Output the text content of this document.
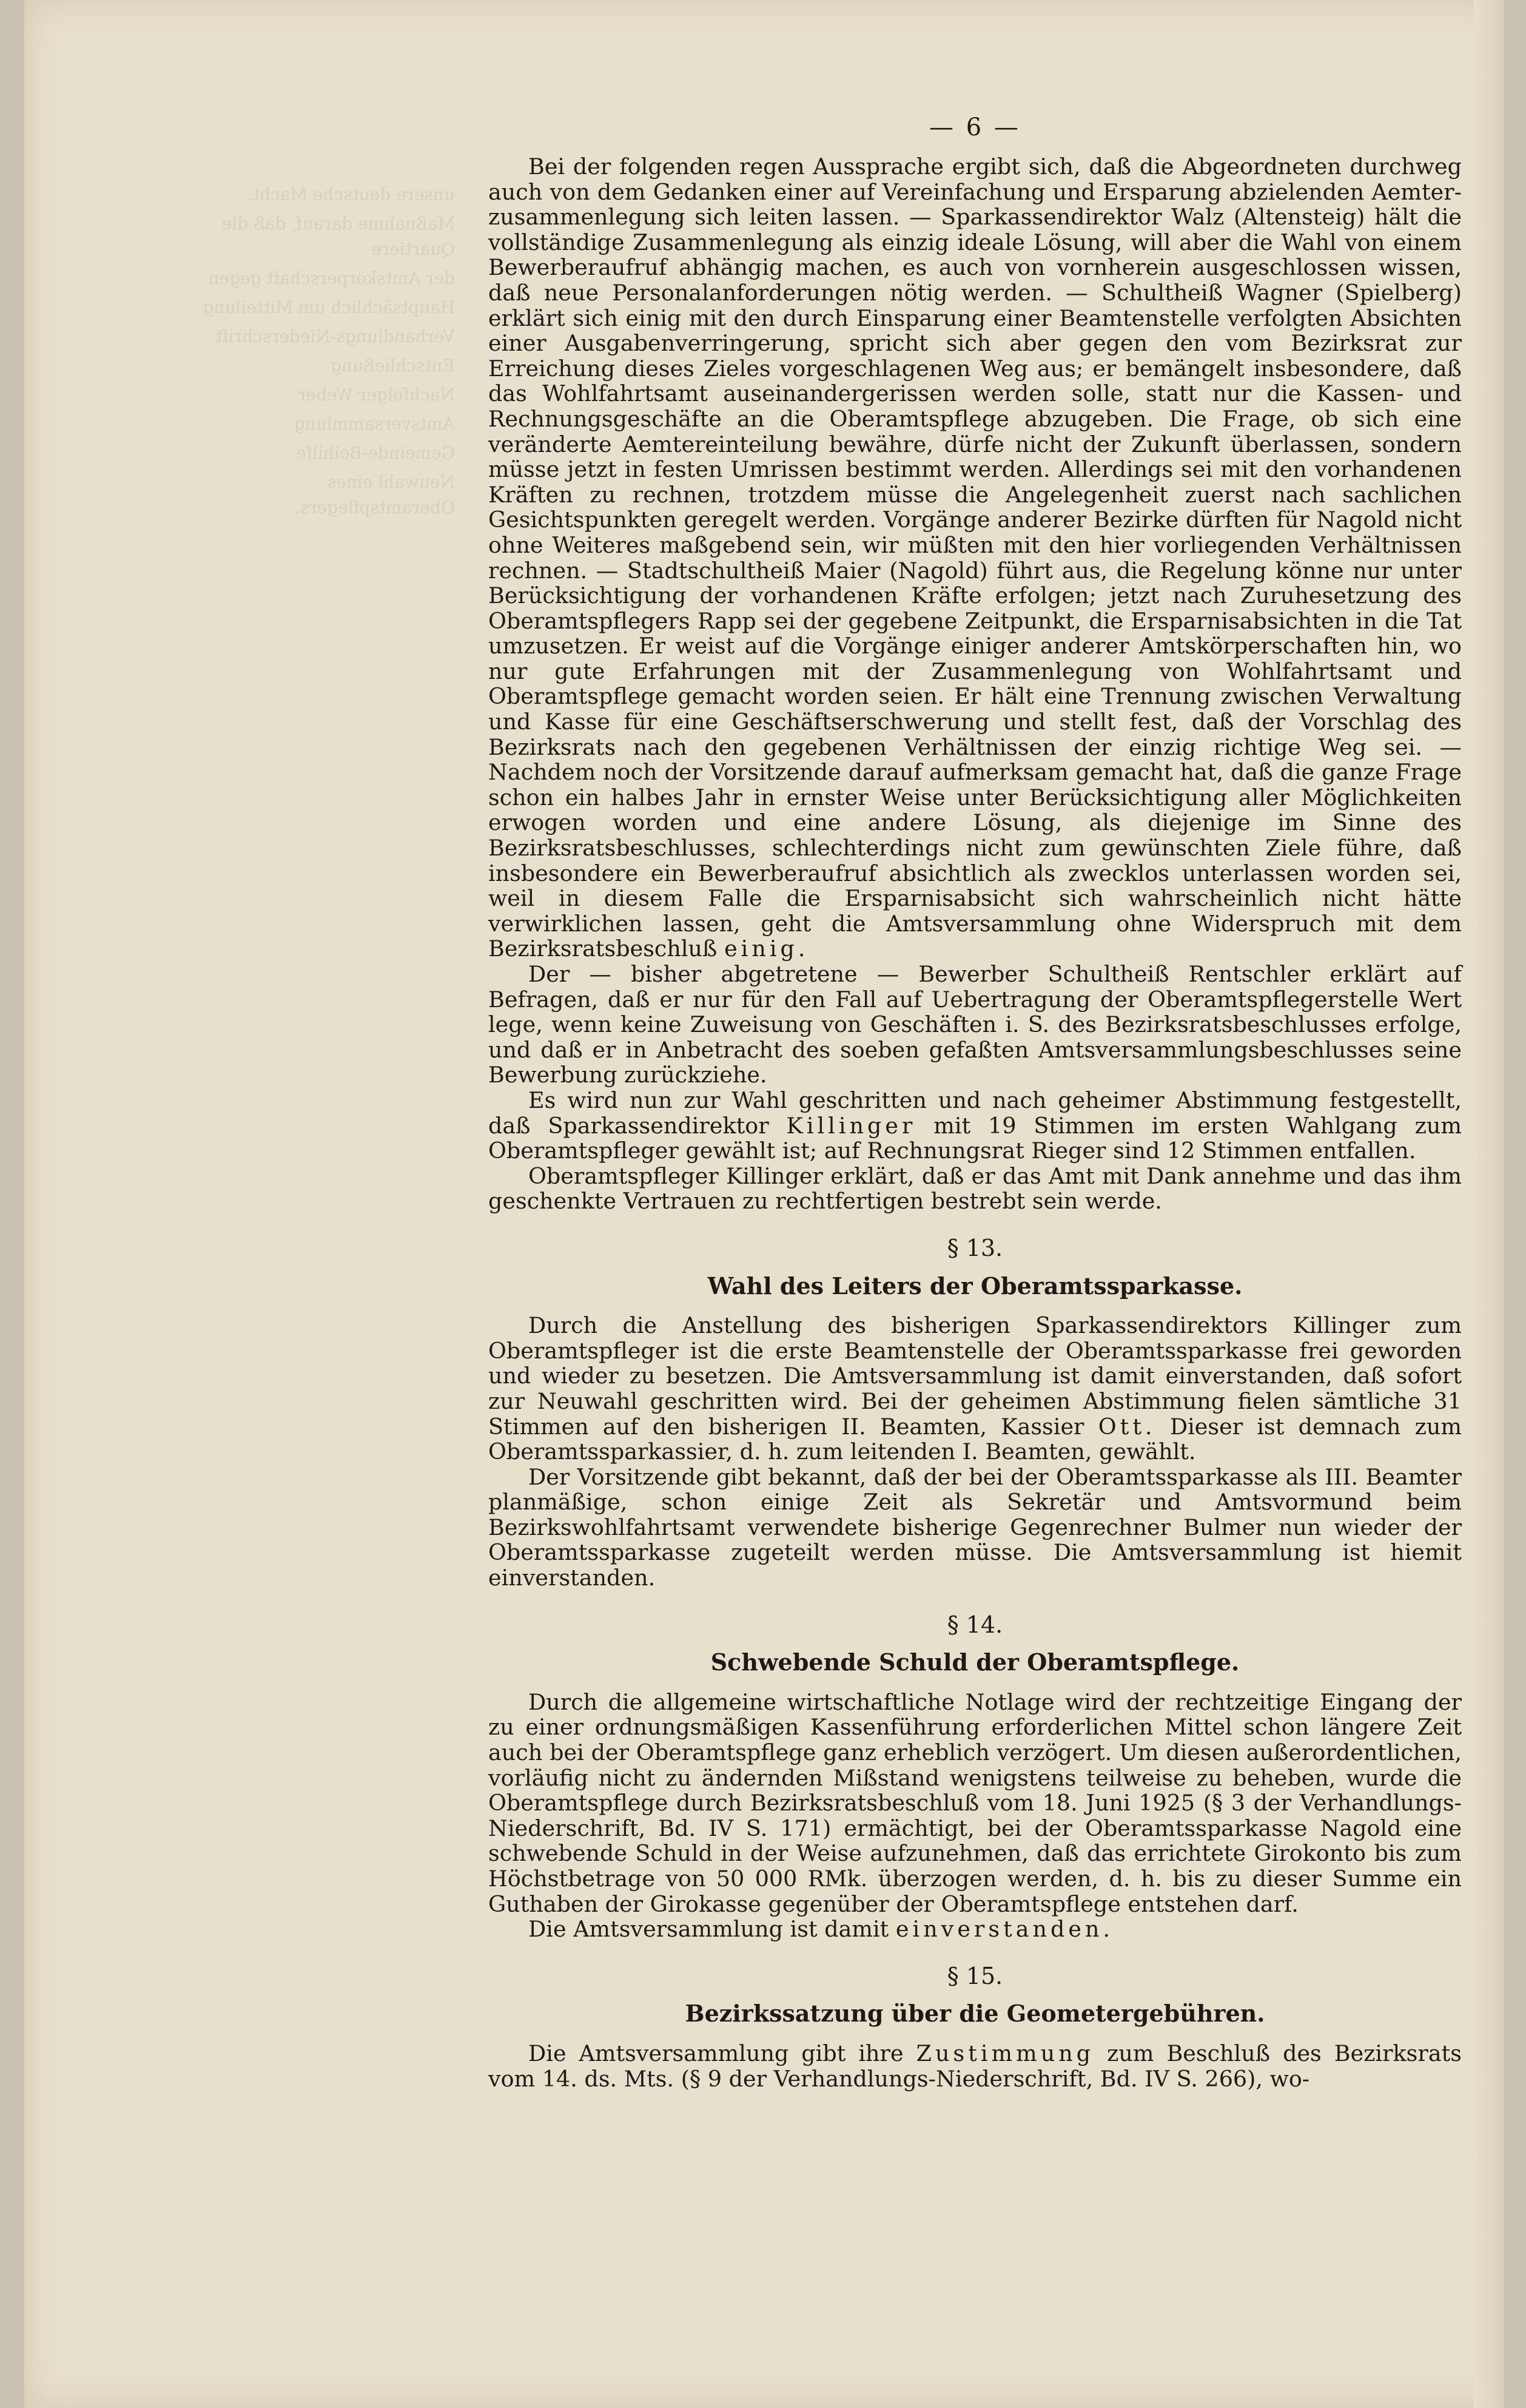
unsere deutsche Macht.
Maßnahme darauf, daß die Quartiere
der Amtskörperschaft gegen
Hauptsächlich um Mitteilung
Verhandlungs-Niederschrift
Entschließung
Nachfolger Weber
Amtsversammlung
Gemeinde-Beihilfe
Neuwahl eines Oberamtspflegers.
— 6 —

Bei der folgenden regen Aussprache ergibt sich, daß die Abgeordneten durchweg auch von dem Gedanken einer auf Vereinfachung und Ersparung abzielenden Aemter-zusammenlegung sich leiten lassen. — Sparkassendirektor Walz (Altensteig) hält die vollständige Zusammenlegung als einzig ideale Lösung, will aber die Wahl von einem Bewerberaufruf abhängig machen, es auch von vornherein ausgeschlossen wissen, daß neue Personalanforderungen nötig werden. — Schultheiß Wagner (Spielberg) erklärt sich einig mit den durch Einsparung einer Beamtenstelle verfolgten Absichten einer Ausgabenverringerung, spricht sich aber gegen den vom Bezirksrat zur Erreichung dieses Zieles vorgeschlagenen Weg aus; er bemängelt insbesondere, daß das Wohlfahrtsamt auseinandergerissen werden solle, statt nur die Kassen- und Rechnungsgeschäfte an die Oberamtspflege abzugeben. Die Frage, ob sich eine veränderte Aemtereinteilung bewähre, dürfe nicht der Zukunft überlassen, sondern müsse jetzt in festen Umrissen bestimmt werden. Allerdings sei mit den vorhandenen Kräften zu rechnen, trotzdem müsse die Angelegenheit zuerst nach sachlichen Gesichtspunkten geregelt werden. Vorgänge anderer Bezirke dürften für Nagold nicht ohne Weiteres maßgebend sein, wir müßten mit den hier vorliegenden Verhältnissen rechnen. — Stadtschultheiß Maier (Nagold) führt aus, die Regelung könne nur unter Berücksichtigung der vorhandenen Kräfte erfolgen; jetzt nach Zuruhesetzung des Oberamtspflegers Rapp sei der gegebene Zeitpunkt, die Ersparnisabsichten in die Tat umzusetzen. Er weist auf die Vorgänge einiger anderer Amtskörperschaften hin, wo nur gute Erfahrungen mit der Zusammenlegung von Wohlfahrtsamt und Oberamtspflege gemacht worden seien. Er hält eine Trennung zwischen Verwaltung und Kasse für eine Geschäftserschwerung und stellt fest, daß der Vorschlag des Bezirksrats nach den gegebenen Verhältnissen der einzig richtige Weg sei. — Nachdem noch der Vorsitzende darauf aufmerksam gemacht hat, daß die ganze Frage schon ein halbes Jahr in ernster Weise unter Berücksichtigung aller Möglichkeiten erwogen worden und eine andere Lösung, als diejenige im Sinne des Bezirksratsbeschlusses, schlechterdings nicht zum gewünschten Ziele führe, daß insbesondere ein Bewerberaufruf absichtlich als zwecklos unterlassen worden sei, weil in diesem Falle die Ersparnisabsicht sich wahrscheinlich nicht hätte verwirklichen lassen, geht die Amtsversammlung ohne Widerspruch mit dem Bezirksratsbeschluß einig.

Der — bisher abgetretene — Bewerber Schultheiß Rentschler erklärt auf Befragen, daß er nur für den Fall auf Uebertragung der Oberamtspflegerstelle Wert lege, wenn keine Zuweisung von Geschäften i. S. des Bezirksratsbeschlusses erfolge, und daß er in Anbetracht des soeben gefaßten Amtsversammlungsbeschlusses seine Bewerbung zurückziehe.

Es wird nun zur Wahl geschritten und nach geheimer Abstimmung festgestellt, daß Sparkassendirektor Killinger mit 19 Stimmen im ersten Wahlgang zum Oberamtspfleger gewählt ist; auf Rechnungsrat Rieger sind 12 Stimmen entfallen.

Oberamtspfleger Killinger erklärt, daß er das Amt mit Dank annehme und das ihm geschenkte Vertrauen zu rechtfertigen bestrebt sein werde.

§ 13.
Wahl des Leiters der Oberamtssparkasse.

Durch die Anstellung des bisherigen Sparkassendirektors Killinger zum Oberamtspfleger ist die erste Beamtenstelle der Oberamtssparkasse frei geworden und wieder zu besetzen. Die Amtsversammlung ist damit einverstanden, daß sofort zur Neuwahl geschritten wird. Bei der geheimen Abstimmung fielen sämtliche 31 Stimmen auf den bisherigen II. Beamten, Kassier Ott. Dieser ist demnach zum Oberamtssparkassier, d. h. zum leitenden I. Beamten, gewählt.

Der Vorsitzende gibt bekannt, daß der bei der Oberamtssparkasse als III. Beamter planmäßige, schon einige Zeit als Sekretär und Amtsvormund beim Bezirkswohlfahrtsamt verwendete bisherige Gegenrechner Bulmer nun wieder der Oberamtssparkasse zugeteilt werden müsse. Die Amtsversammlung ist hiemit einverstanden.

§ 14.
Schwebende Schuld der Oberamtspflege.

Durch die allgemeine wirtschaftliche Notlage wird der rechtzeitige Eingang der zu einer ordnungsmäßigen Kassenführung erforderlichen Mittel schon längere Zeit auch bei der Oberamtspflege ganz erheblich verzögert. Um diesen außerordentlichen, vorläufig nicht zu ändernden Mißstand wenigstens teilweise zu beheben, wurde die Oberamtspflege durch Bezirksratsbeschluß vom 18. Juni 1925 (§ 3 der Verhandlungs-Niederschrift, Bd. IV S. 171) ermächtigt, bei der Oberamtssparkasse Nagold eine schwebende Schuld in der Weise aufzunehmen, daß das errichtete Girokonto bis zum Höchstbetrage von 50 000 RMk. überzogen werden, d. h. bis zu dieser Summe ein Guthaben der Girokasse gegenüber der Oberamtspflege entstehen darf.

Die Amtsversammlung ist damit einverstanden.

§ 15.
Bezirkssatzung über die Geometergebühren.

Die Amtsversammlung gibt ihre Zustimmung zum Beschluß des Bezirksrats vom 14. ds. Mts. (§ 9 der Verhandlungs-Niederschrift, Bd. IV S. 266), wo-
